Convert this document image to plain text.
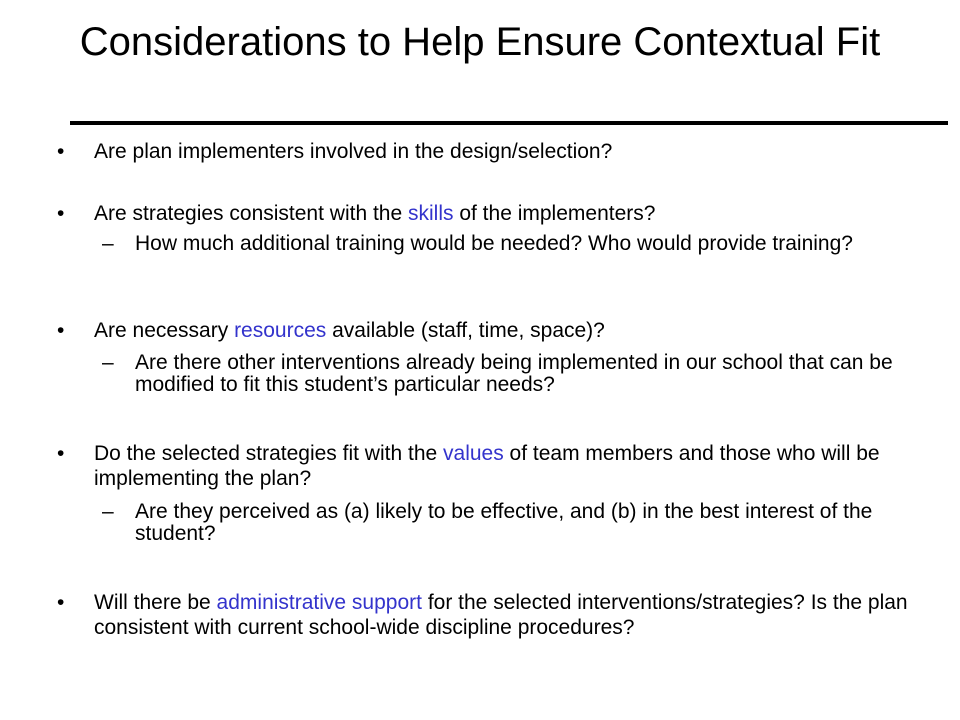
Considerations to Help Ensure Contextual Fit
• Are plan implementers involved in the design/selection?
• Are strategies consistent with the skills of the implementers?
– How much additional training would be needed? Who would provide training?
• Are necessary resources available (staff, time, space)?
– Are there other interventions already being implemented in our school that can be modified to fit this student’s particular needs?
• Do the selected strategies fit with the values of team members and those who will be implementing the plan?
– Are they perceived as (a) likely to be effective, and (b) in the best interest of the student?
• Will there be administrative support for the selected interventions/strategies? Is the plan consistent with current school-wide discipline procedures?
